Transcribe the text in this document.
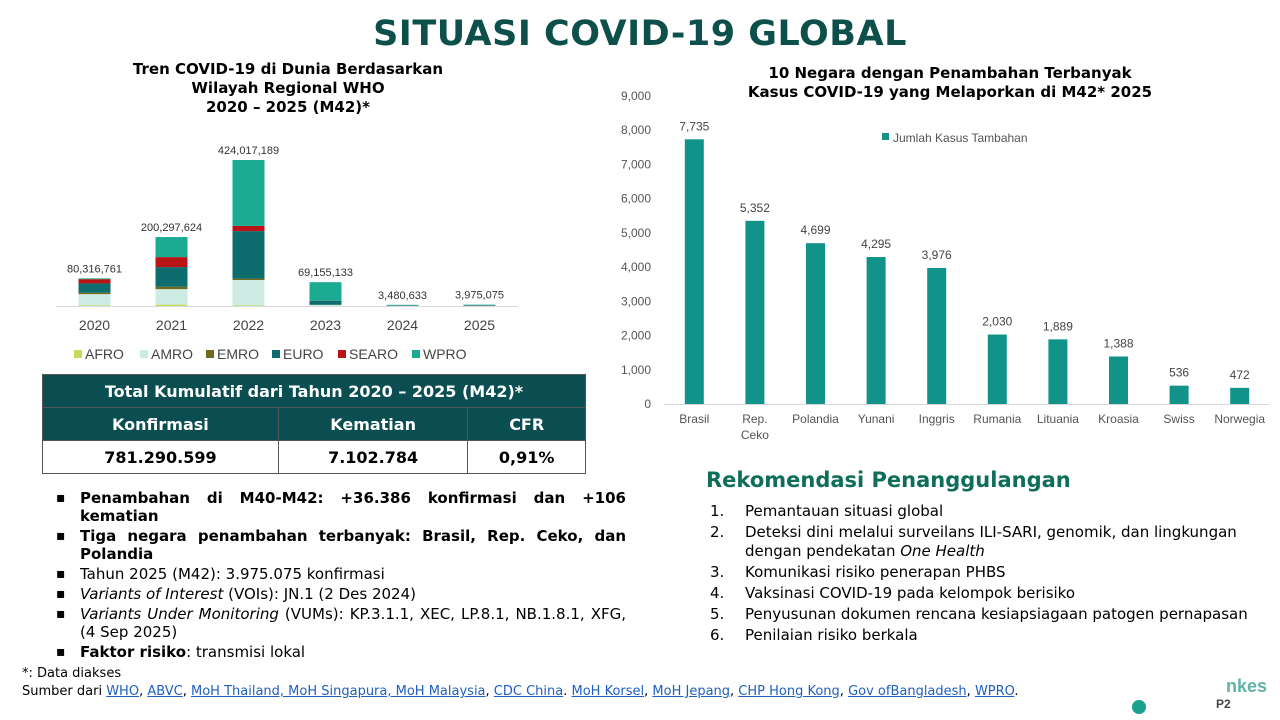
SITUASI COVID-19 GLOBAL
Tren COVID-19 di Dunia Berdasarkan
Wilayah Regional WHO
2020 – 2025 (M42)*
80,316,761
2020
200,297,624
2021
424,017,189
2022
69,155,133
2023
3,480,633
2024
3,975,075
2025
AFRO AMRO EMRO EURO SEARO WPRO
10 Negara dengan Penambahan Terbanyak
Kasus COVID-19 yang Melaporkan di M42* 2025
0
1,000
2,000
3,000
4,000
5,000
6,000
7,000
8,000
9,000
7,735
Brasil
5,352
Rep. Ceko
4,699
Polandia
4,295
Yunani
3,976
Inggris
2,030
Rumania
1,889
Lituania
1,388
Kroasia
536
Swiss
472
Norwegia
Jumlah Kasus Tambahan
Total Kumulatif dari Tahun 2020 – 2025 (M42)*		
Konfirmasi	Kematian	CFR
781.290.599	7.102.784	0,91%
▪ Penambahan di M40-M42: +36.386 konfirmasi dan +106 kematian
▪ Tiga negara penambahan terbanyak: Brasil, Rep. Ceko, dan Polandia
▪ Tahun 2025 (M42): 3.975.075 konfirmasi
▪ Variants of Interest (VOIs): JN.1 (2 Des 2024)
▪ Variants Under Monitoring (VUMs): KP.3.1.1, XEC, LP.8.1, NB.1.8.1, XFG, (4 Sep 2025)
▪ Faktor risiko: transmisi lokal
Rekomendasi Penanggulangan
1. Pemantauan situasi global
2. Deteksi dini melalui surveilans ILI-SARI, genomik, dan lingkungan dengan pendekatan One Health
3. Komunikasi risiko penerapan PHBS
4. Vaksinasi COVID-19 pada kelompok berisiko
5. Penyusunan dokumen rencana kesiapsiagaan patogen pernapasan
6. Penilaian risiko berkala
*: Data diakses
Sumber dari WHO, ABVC, MoH Thailand, MoH Singapura, MoH Malaysia, CDC China. MoH Korsel, MoH Jepang, CHP Hong Kong, Gov ofBangladesh, WPRO.	nkes
P2
